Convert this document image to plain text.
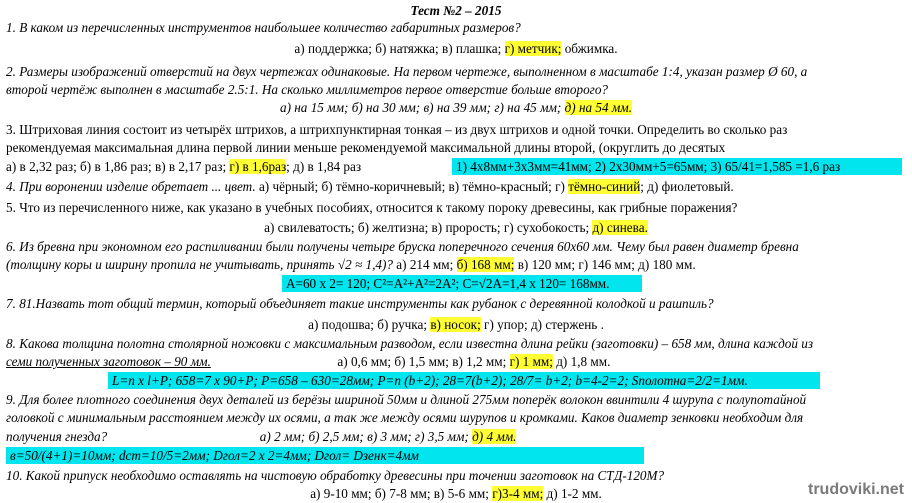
Тест №2 – 2015
1. В каком из перечисленных инструментов наибольшее количество габаритных размеров?
а) поддержка; б) натяжка; в) плашка; г) метчик; обжимка.
2. Размеры изображений отверстий на двух чертежах одинаковые. На первом чертеже, выполненном в масштабе 1:4, указан размер Ø 60, а
второй чертёж выполнен в масштабе 2.5:1. На сколько миллиметров первое отверстие больше второго?
а) на 15 мм; б) на 30 мм; в) на 39 мм; г) на 45 мм; д) на 54 мм.
3. Штриховая линия состоит из четырёх штрихов, а штрихпунктирная тонкая – из двух штрихов и одной точки. Определить во сколько раз
рекомендуемая максимальная длина первой линии меньше рекомендуемой максимальной длины второй, (округлить до десятых
а) в 2,32 раз; б) в 1,86 раз; в) в 2,17 раз; г) в 1,6раз; д) в 1,84 раз	1) 4x8мм+3x3мм=41мм; 2) 2x30мм+5=65мм; 3) 65/41=1,585 =1,6 раз
4. При воронении изделие обретает ... цвет. а) чёрный; б) тёмно-коричневый; в) тёмно-красный; г) тёмно-синий; д) фиолетовый.
5. Что из перечисленного ниже, как указано в учебных пособиях, относится к такому пороку древесины, как грибные поражения?
а) свилеватость; б) желтизна; в) прорость; г) сухобокость; д) синева.
6. Из бревна при экономном его распиливании были получены четыре бруска поперечного сечения 60х60 мм. Чему был равен диаметр бревна
(толщину коры и ширину пропила не учитывать, принять √2 ≈ 1,4)? а) 214 мм; б) 168 мм; в) 120 мм; г) 146 мм; д) 180 мм.
А=60 х 2= 120; С²=А²+А²=2А²; С=√2А=1,4 х 120= 168мм.
7. 81.Назвать тот общий термин, который объединяет такие инструменты как рубанок с деревянной колодкой и рашпиль?
а) подошва; б) ручка; в) носок; г) упор; д) стержень .
8. Какова толщина полотна столярной ножовки с максимальным разводом, если известна длина рейки (заготовки) – 658 мм, длина каждой из
семи полученных заготовок – 90 мм.	а) 0,6 мм; б) 1,5 мм; в) 1,2 мм; г) 1 мм; д) 1,8 мм.
L=n x l+P; 658=7 x 90+P; P=658 – 630=28мм; P=n (b+2); 28=7(b+2); 28/7= b+2; b=4-2=2; Sполотна=2/2=1мм.
9. Для более плотного соединения двух деталей из берёзы шириной 50мм и длиной 275мм поперёк волокон ввинтили 4 шурупа с полупотайной
головкой с минимальным расстоянием между их осями, а так же между осями шурупов и кромками. Каков диаметр зенковки необходим для
получения гнезда?	а) 2 мм; б) 2,5 мм; в) 3 мм; г) 3,5 мм; д) 4 мм.
в=50/(4+1)=10мм; dст=10/5=2мм; Dгол=2 х 2=4мм; Dгол= Dзенк=4мм
10. Какой припуск необходимо оставлять на чистовую обработку древесины при точении заготовок на СТД-120М?
а) 9-10 мм; б) 7-8 мм; в) 5-6 мм; г)3-4 мм; д) 1-2 мм.	trudoviki.net
